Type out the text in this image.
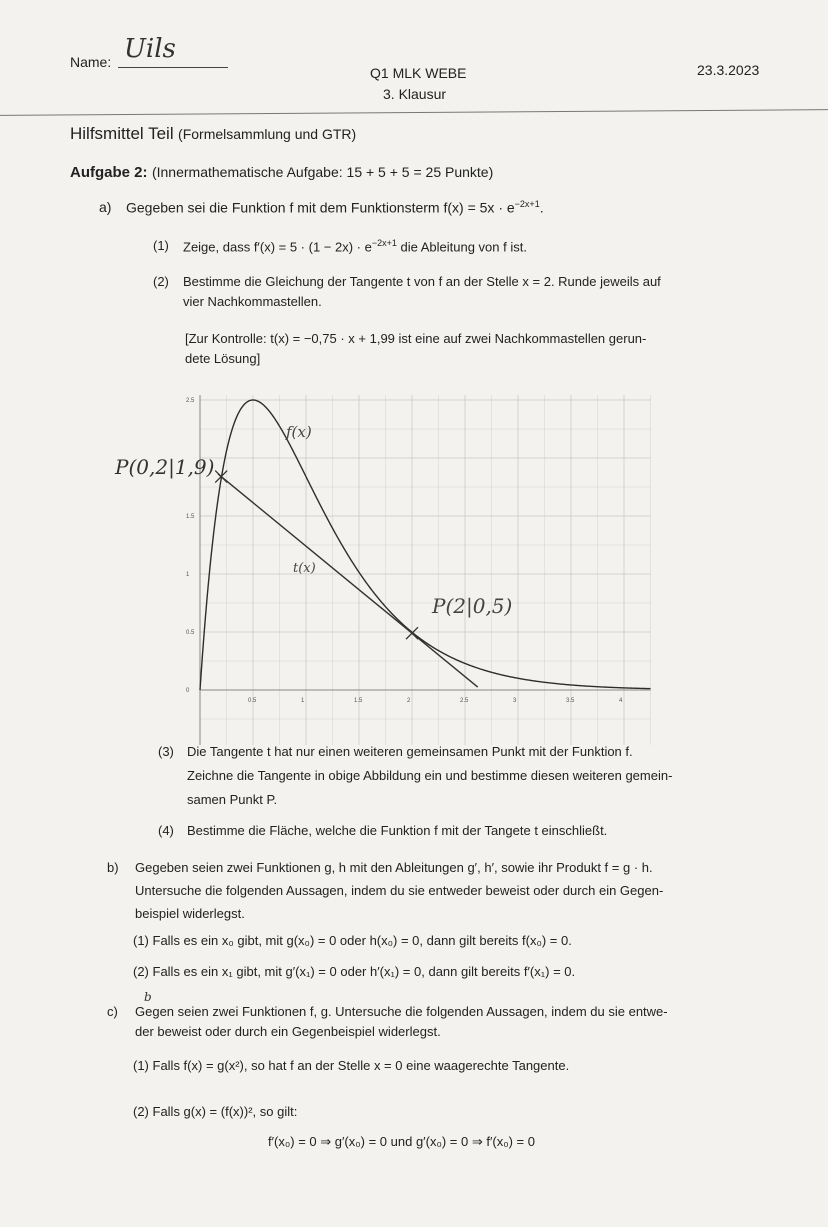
Name: Uils
Q1 MLK WEBE
3. Klausur
23.3.2023
Hilfsmittel Teil (Formelsammlung und GTR)
Aufgabe 2: (Innermathematische Aufgabe: 15 + 5 + 5 = 25 Punkte)
a) Gegeben sei die Funktion f mit dem Funktionsterm $f(x) = 5x \cdot e^{-2x+1}$.
(1) Zeige, dass $f'(x) = 5 \cdot (1 - 2x) \cdot e^{-2x+1}$ die Ableitung von f ist.
(2) Bestimme die Gleichung der Tangente t von f an der Stelle x = 2. Runde jeweils auf
vier Nachkommastellen.
[Zur Kontrolle: t(x) = −0,75 · x + 1,99 ist eine auf zwei Nachkommastellen gerun-
dete Lösung]
0.5	1	1.5	2	2.5	3	3.5	4
2.5
1.5
1
0.5
0
f(x)
t(x)
P(2|0,5)
P(0,2|1,9)
(3) Die Tangente t hat nur einen weiteren gemeinsamen Punkt mit der Funktion f.
Zeichne die Tangente in obige Abbildung ein und bestimme diesen weiteren gemein-
samen Punkt P.
(4) Bestimme die Fläche, welche die Funktion f mit der Tangete t einschließt.
b) Gegeben seien zwei Funktionen g, h mit den Ableitungen g′, h′, sowie ihr Produkt f = g · h.
Untersuche die folgenden Aussagen, indem du sie entweder beweist oder durch ein Gegen-
beispiel widerlegst.
(1) Falls es ein x₀ gibt, mit g(x₀) = 0 oder h(x₀) = 0, dann gilt bereits f(x₀) = 0.
(2) Falls es ein x₁ gibt, mit g′(x₁) = 0 oder h′(x₁) = 0, dann gilt bereits f′(x₁) = 0.
b
c) Gegen seien zwei Funktionen f, g. Untersuche die folgenden Aussagen, indem du sie entwe-
der beweist oder durch ein Gegenbeispiel widerlegst.
(1) Falls f(x) = g(x²), so hat f an der Stelle x = 0 eine waagerechte Tangente.
(2) Falls g(x) = (f(x))², so gilt:
f′(x₀) = 0 ⇒ g′(x₀) = 0 und g′(x₀) = 0 ⇒ f′(x₀) = 0
